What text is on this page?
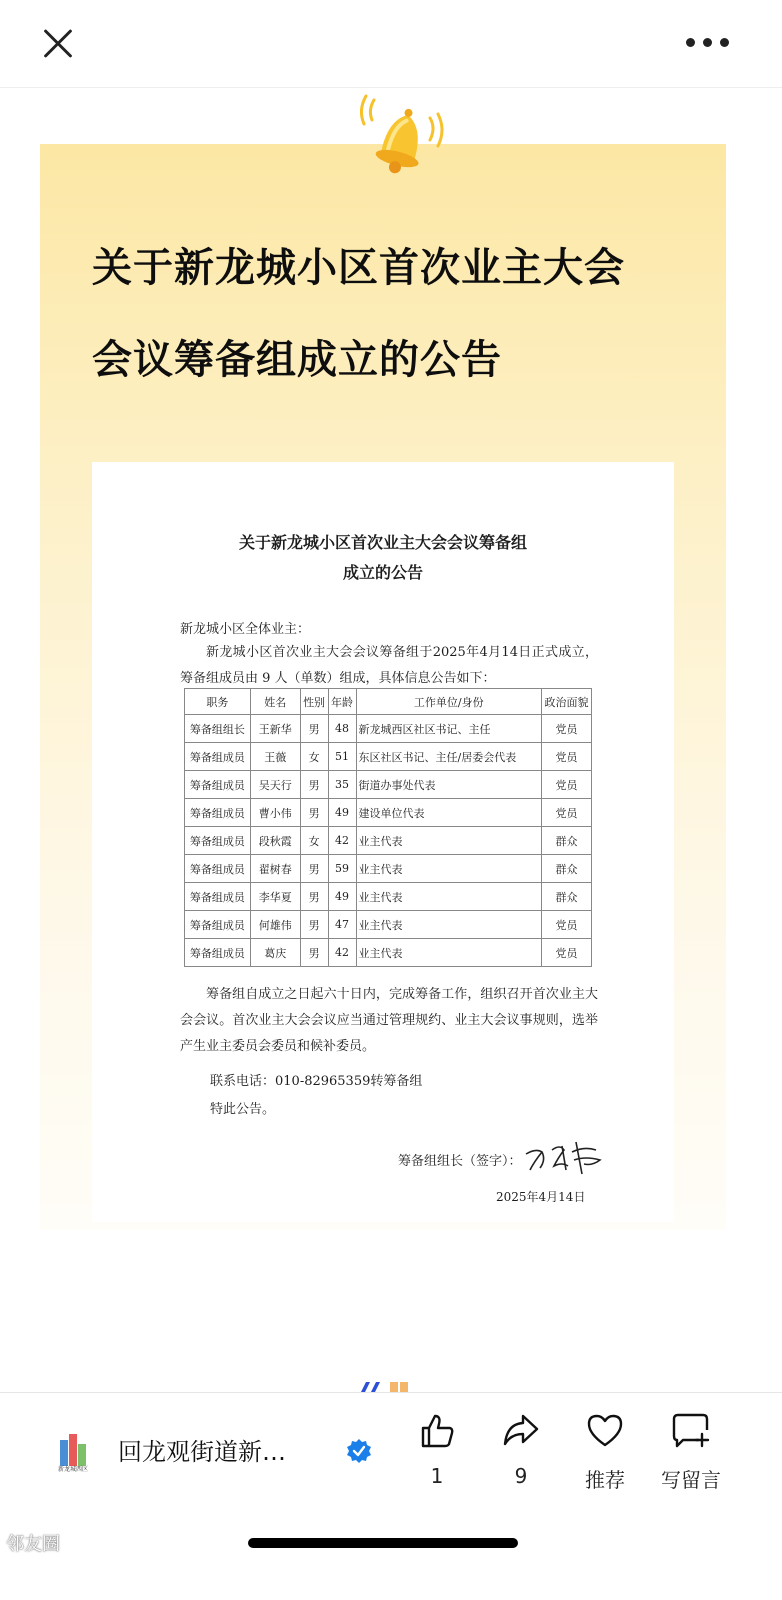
关于新龙城小区首次业主大会
会议筹备组成立的公告
关于新龙城小区首次业主大会会议筹备组
成立的公告
新龙城小区全体业主：
新龙城小区首次业主大会会议筹备组于2025年4月14日正式成立，筹备组成员由 9 人（单数）组成，具体信息公告如下：
职务	姓名	性别	年龄	工作单位/身份	政治面貌
筹备组组长	王新华	男	48	新龙城西区社区书记、主任	党员
筹备组成员	王薇	女	51	东区社区书记、主任/居委会代表	党员
筹备组成员	吴天行	男	35	街道办事处代表	党员
筹备组成员	曹小伟	男	49	建设单位代表	党员
筹备组成员	段秋霞	女	42	业主代表	群众
筹备组成员	翟树春	男	59	业主代表	群众
筹备组成员	李华夏	男	49	业主代表	群众
筹备组成员	何雄伟	男	47	业主代表	党员
筹备组成员	葛庆	男	42	业主代表	党员
筹备组自成立之日起六十日内，完成筹备工作，组织召开首次业主大会会议。首次业主大会会议应当通过管理规约、业主大会议事规则，选举产生业主委员会委员和候补委员。
联系电话：010-82965359转筹备组
特此公告。
筹备组组长（签字）：
2025年4月14日
新龙城西区
回龙观街道新…
1	9	推荐	写留言
邻友圈
